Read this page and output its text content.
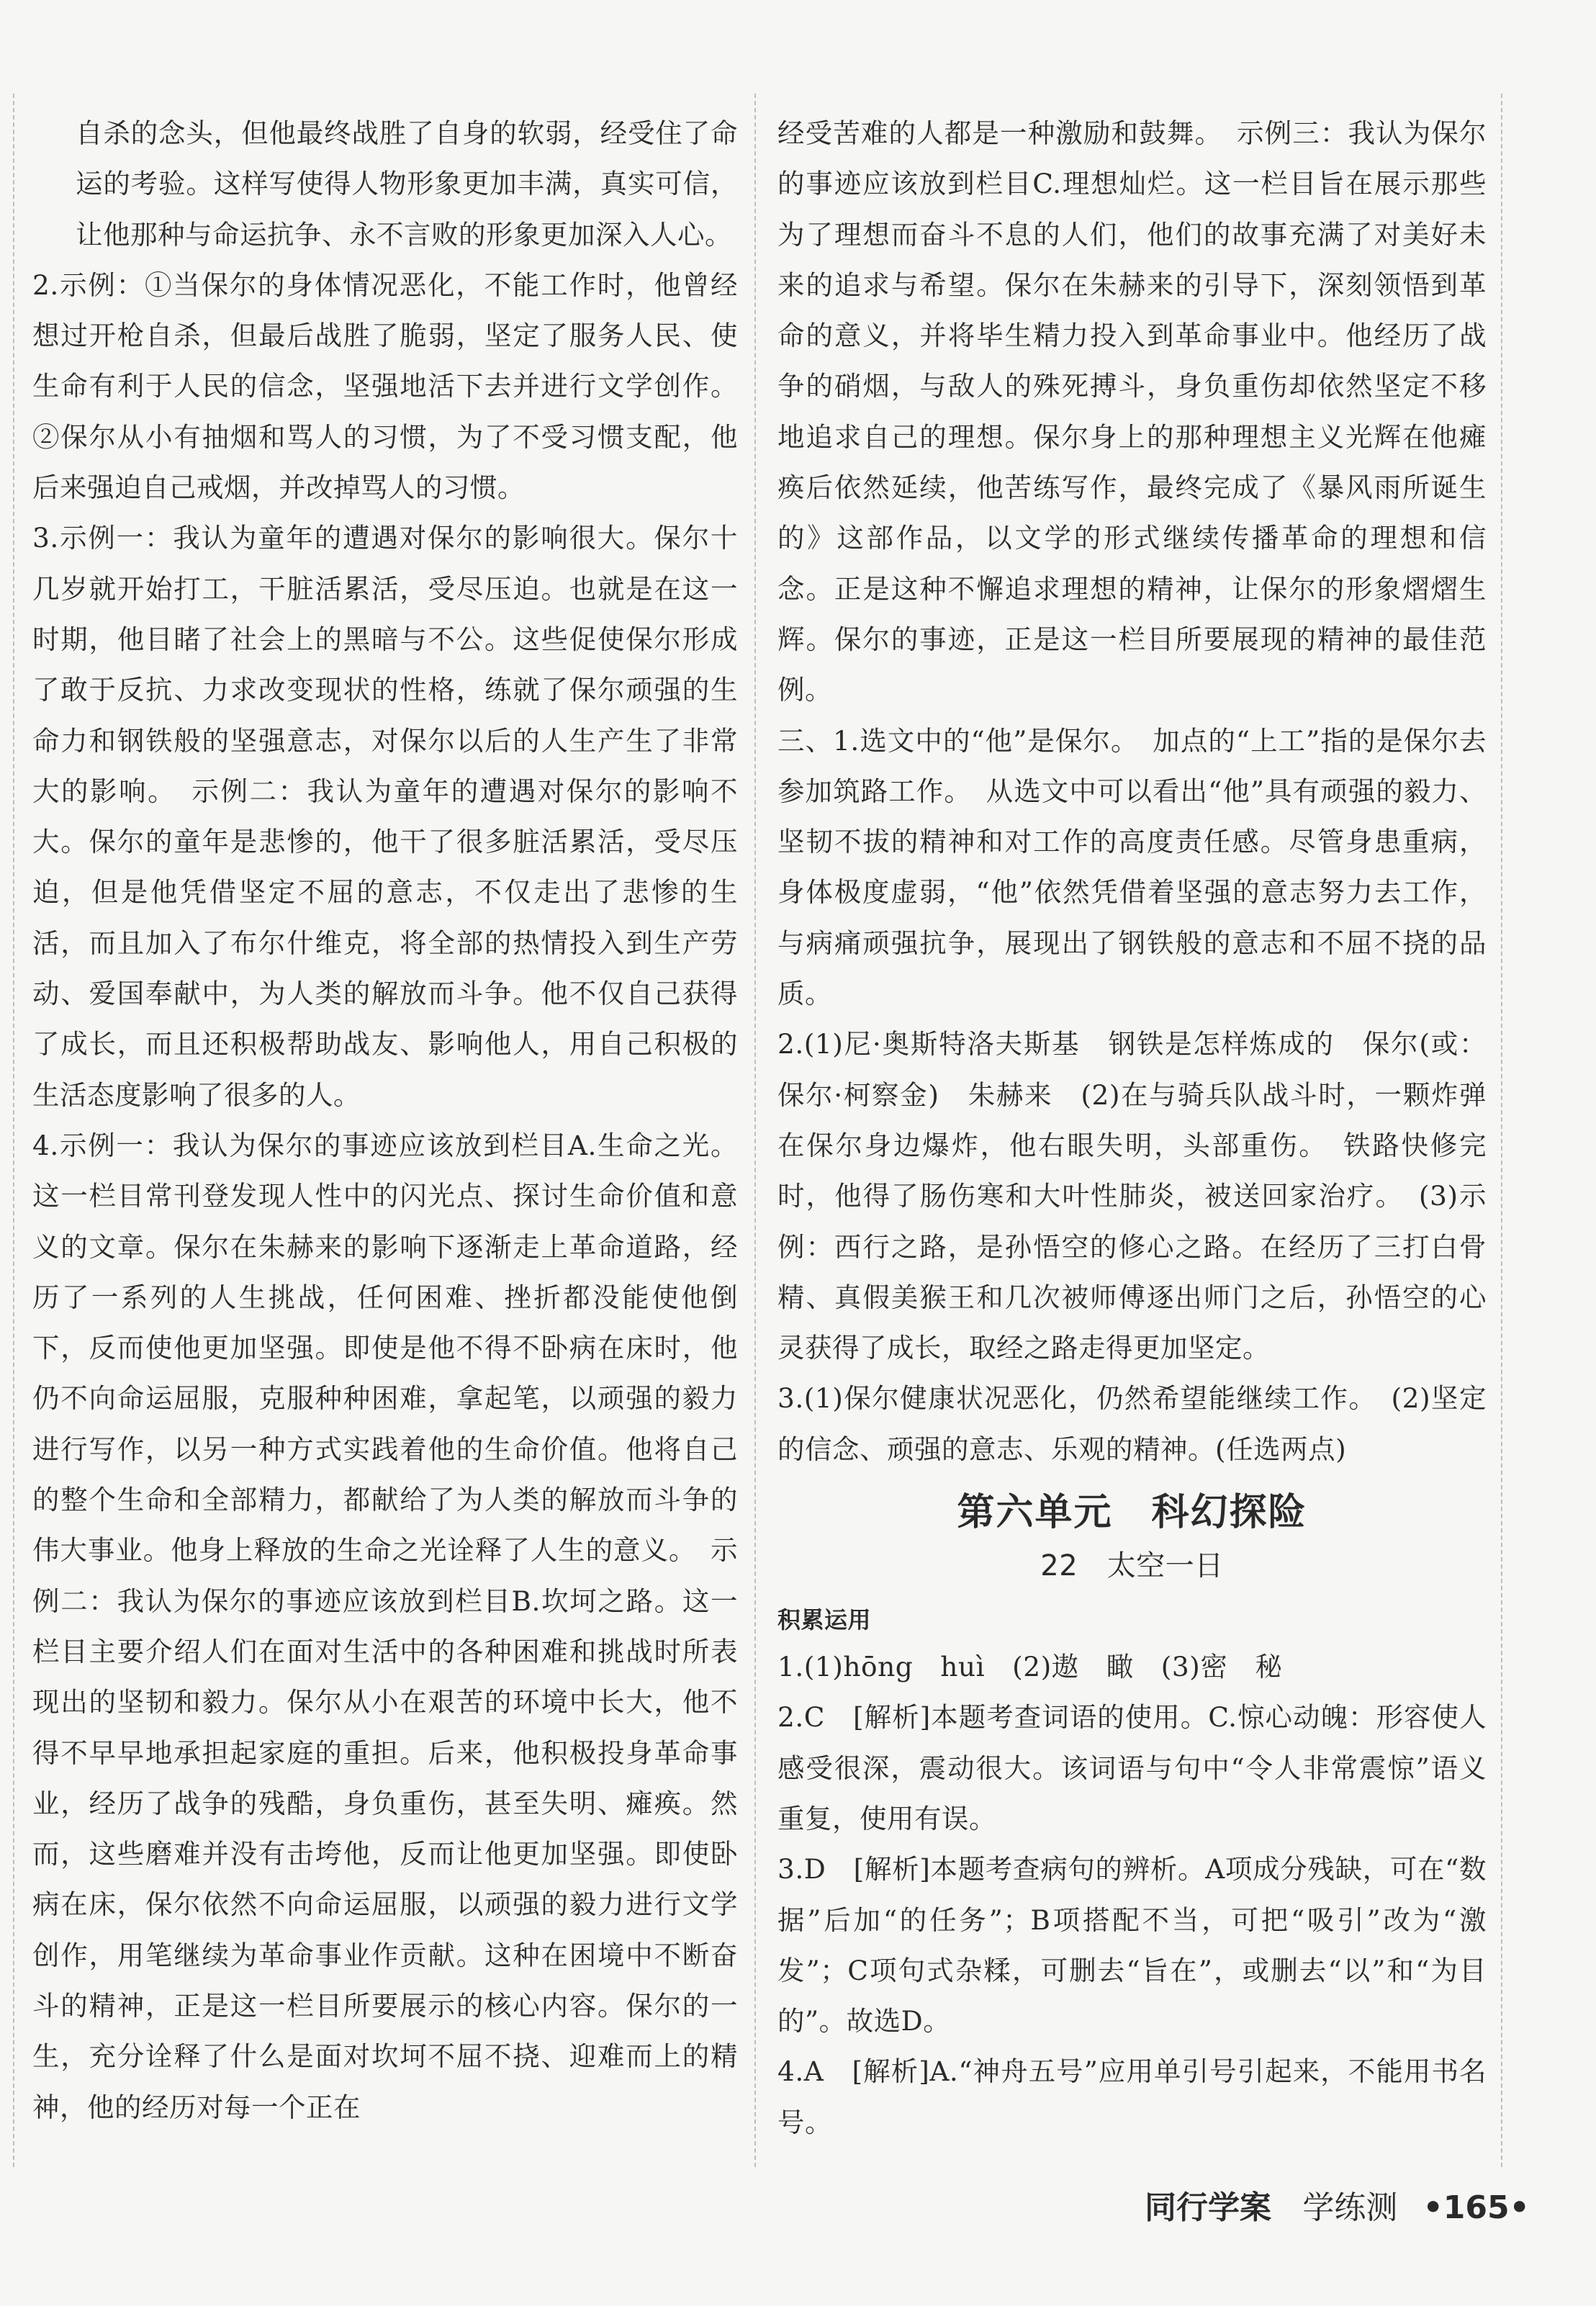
自杀的念头，但他最终战胜了自身的软弱，经受住了命运的考验。这样写使得人物形象更加丰满，真实可信，让他那种与命运抗争、永不言败的形象更加深入人心。

2.示例：①当保尔的身体情况恶化，不能工作时，他曾经想过开枪自杀，但最后战胜了脆弱，坚定了服务人民、使生命有利于人民的信念，坚强地活下去并进行文学创作。②保尔从小有抽烟和骂人的习惯，为了不受习惯支配，他后来强迫自己戒烟，并改掉骂人的习惯。

3.示例一：我认为童年的遭遇对保尔的影响很大。保尔十几岁就开始打工，干脏活累活，受尽压迫。也就是在这一时期，他目睹了社会上的黑暗与不公。这些促使保尔形成了敢于反抗、力求改变现状的性格，练就了保尔顽强的生命力和钢铁般的坚强意志，对保尔以后的人生产生了非常大的影响。　示例二：我认为童年的遭遇对保尔的影响不大。保尔的童年是悲惨的，他干了很多脏活累活，受尽压迫，但是他凭借坚定不屈的意志，不仅走出了悲惨的生活，而且加入了布尔什维克，将全部的热情投入到生产劳动、爱国奉献中，为人类的解放而斗争。他不仅自己获得了成长，而且还积极帮助战友、影响他人，用自己积极的生活态度影响了很多的人。

4.示例一：我认为保尔的事迹应该放到栏目A.生命之光。这一栏目常刊登发现人性中的闪光点、探讨生命价值和意义的文章。保尔在朱赫来的影响下逐渐走上革命道路，经历了一系列的人生挑战，任何困难、挫折都没能使他倒下，反而使他更加坚强。即使是他不得不卧病在床时，他仍不向命运屈服，克服种种困难，拿起笔，以顽强的毅力进行写作，以另一种方式实践着他的生命价值。他将自己的整个生命和全部精力，都献给了为人类的解放而斗争的伟大事业。他身上释放的生命之光诠释了人生的意义。　示例二：我认为保尔的事迹应该放到栏目B.坎坷之路。这一栏目主要介绍人们在面对生活中的各种困难和挑战时所表现出的坚韧和毅力。保尔从小在艰苦的环境中长大，他不得不早早地承担起家庭的重担。后来，他积极投身革命事业，经历了战争的残酷，身负重伤，甚至失明、瘫痪。然而，这些磨难并没有击垮他，反而让他更加坚强。即使卧病在床，保尔依然不向命运屈服，以顽强的毅力进行文学创作，用笔继续为革命事业作贡献。这种在困境中不断奋斗的精神，正是这一栏目所要展示的核心内容。保尔的一生，充分诠释了什么是面对坎坷不屈不挠、迎难而上的精神，他的经历对每一个正在

经受苦难的人都是一种激励和鼓舞。　示例三：我认为保尔的事迹应该放到栏目C.理想灿烂。这一栏目旨在展示那些为了理想而奋斗不息的人们，他们的故事充满了对美好未来的追求与希望。保尔在朱赫来的引导下，深刻领悟到革命的意义，并将毕生精力投入到革命事业中。他经历了战争的硝烟，与敌人的殊死搏斗，身负重伤却依然坚定不移地追求自己的理想。保尔身上的那种理想主义光辉在他瘫痪后依然延续，他苦练写作，最终完成了《暴风雨所诞生的》这部作品，以文学的形式继续传播革命的理想和信念。正是这种不懈追求理想的精神，让保尔的形象熠熠生辉。保尔的事迹，正是这一栏目所要展现的精神的最佳范例。

三、1.选文中的“他”是保尔。　加点的“上工”指的是保尔去参加筑路工作。　从选文中可以看出“他”具有顽强的毅力、坚韧不拔的精神和对工作的高度责任感。尽管身患重病，身体极度虚弱，“他”依然凭借着坚强的意志努力去工作，与病痛顽强抗争，展现出了钢铁般的意志和不屈不挠的品质。

2.(1)尼·奥斯特洛夫斯基　钢铁是怎样炼成的　保尔(或：保尔·柯察金)　朱赫来　(2)在与骑兵队战斗时，一颗炸弹在保尔身边爆炸，他右眼失明，头部重伤。　铁路快修完时，他得了肠伤寒和大叶性肺炎，被送回家治疗。　(3)示例：西行之路，是孙悟空的修心之路。在经历了三打白骨精、真假美猴王和几次被师傅逐出师门之后，孙悟空的心灵获得了成长，取经之路走得更加坚定。

3.(1)保尔健康状况恶化，仍然希望能继续工作。　(2)坚定的信念、顽强的意志、乐观的精神。(任选两点)

第六单元　科幻探险
22　太空一日
积累运用

1.(1)hōng　huì　(2)遨　瞰　(3)密　秘

2.C　[解析]本题考查词语的使用。C.惊心动魄：形容使人感受很深，震动很大。该词语与句中“令人非常震惊”语义重复，使用有误。

3.D　[解析]本题考查病句的辨析。A项成分残缺，可在“数据”后加“的任务”；B项搭配不当，可把“吸引”改为“激发”；C项句式杂糅，可删去“旨在”，或删去“以”和“为目的”。故选D。

4.A　[解析]A.“神舟五号”应用单引号引起来，不能用书名号。

同行学案 学练测 •165•
